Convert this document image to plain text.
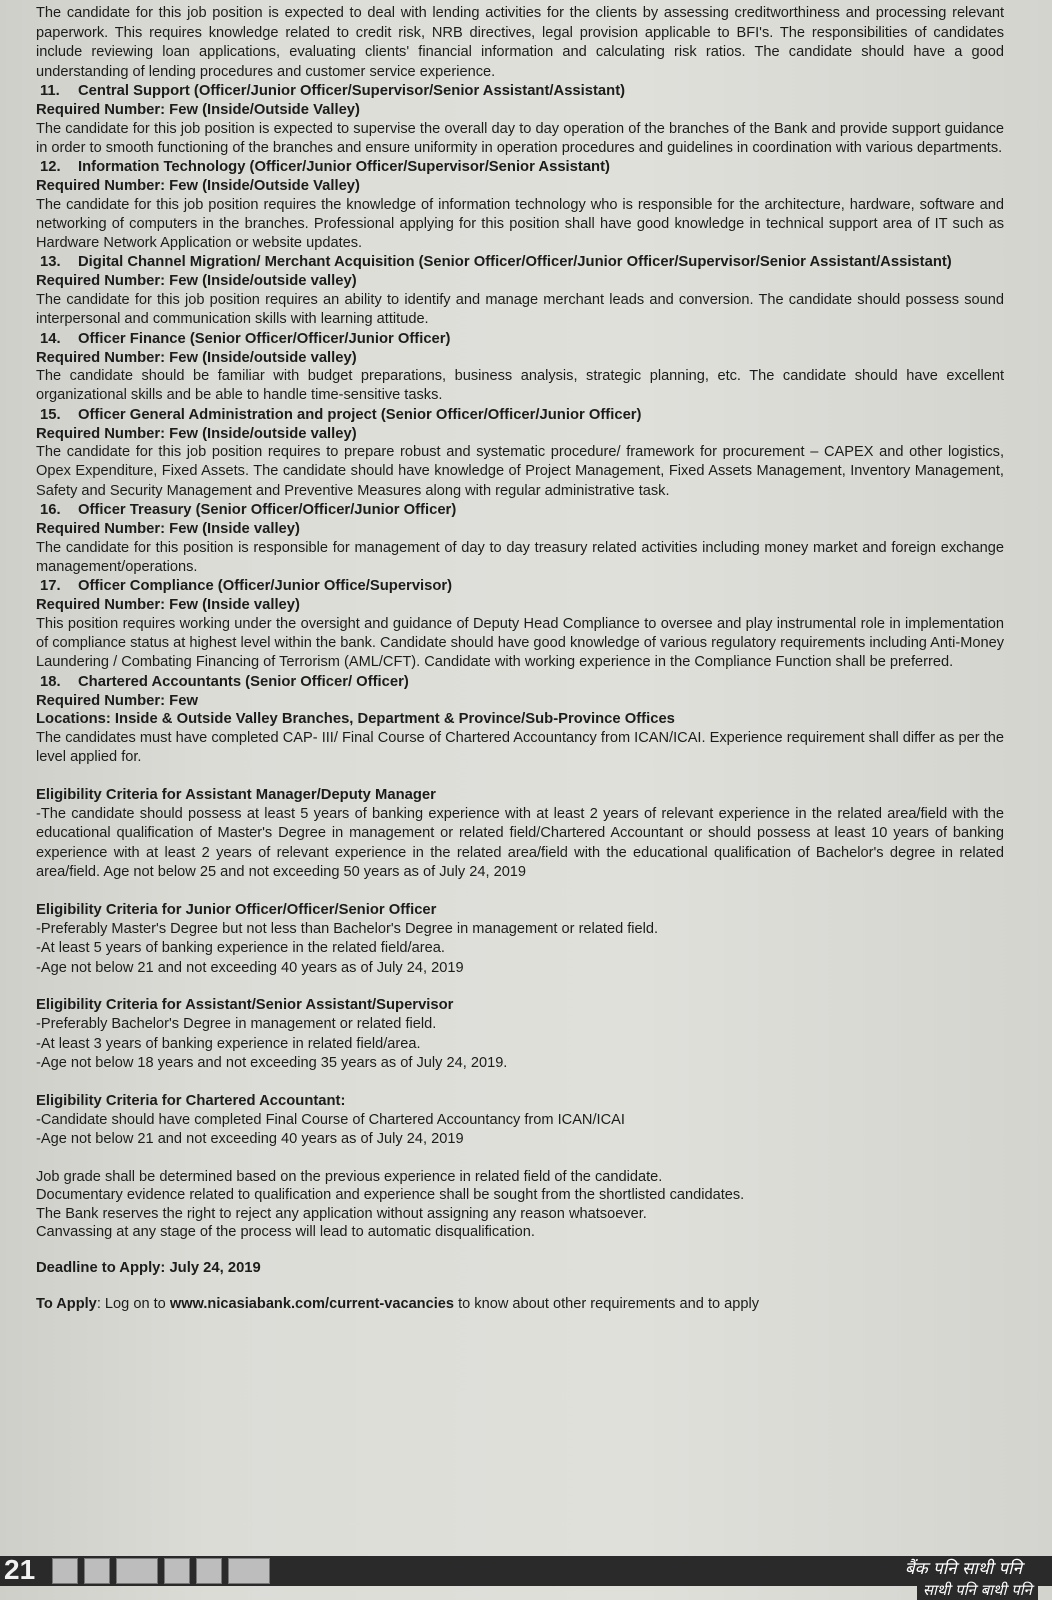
The candidate for this job position is expected to deal with lending activities for the clients by assessing creditworthiness and processing relevant paperwork. This requires knowledge related to credit risk, NRB directives, legal provision applicable to BFI's. The responsibilities of candidates include reviewing loan applications, evaluating clients' financial information and calculating risk ratios. The candidate should have a good understanding of lending procedures and customer service experience.

11. Central Support (Officer/Junior Officer/Supervisor/Senior Assistant/Assistant)
Required Number: Few (Inside/Outside Valley)

The candidate for this job position is expected to supervise the overall day to day operation of the branches of the Bank and provide support guidance in order to smooth functioning of the branches and ensure uniformity in operation procedures and guidelines in coordination with various departments.

12. Information Technology (Officer/Junior Officer/Supervisor/Senior Assistant)
Required Number: Few (Inside/Outside Valley)

The candidate for this job position requires the knowledge of information technology who is responsible for the architecture, hardware, software and networking of computers in the branches. Professional applying for this position shall have good knowledge in technical support area of IT such as Hardware Network Application or website updates.

13. Digital Channel Migration/ Merchant Acquisition (Senior Officer/Officer/Junior Officer/Supervisor/Senior Assistant/Assistant)
Required Number: Few (Inside/outside valley)

The candidate for this job position requires an ability to identify and manage merchant leads and conversion. The candidate should possess sound interpersonal and communication skills with learning attitude.

14. Officer Finance (Senior Officer/Officer/Junior Officer)
Required Number: Few (Inside/outside valley)

The candidate should be familiar with budget preparations, business analysis, strategic planning, etc. The candidate should have excellent organizational skills and be able to handle time-sensitive tasks.

15. Officer General Administration and project (Senior Officer/Officer/Junior Officer)
Required Number: Few (Inside/outside valley)

The candidate for this job position requires to prepare robust and systematic procedure/ framework for procurement – CAPEX and other logistics, Opex Expenditure, Fixed Assets. The candidate should have knowledge of Project Management, Fixed Assets Management, Inventory Management, Safety and Security Management and Preventive Measures along with regular administrative task.

16. Officer Treasury (Senior Officer/Officer/Junior Officer)
Required Number: Few (Inside valley)

The candidate for this position is responsible for management of day to day treasury related activities including money market and foreign exchange management/operations.

17. Officer Compliance (Officer/Junior Office/Supervisor)
Required Number: Few (Inside valley)

This position requires working under the oversight and guidance of Deputy Head Compliance to oversee and play instrumental role in implementation of compliance status at highest level within the bank. Candidate should have good knowledge of various regulatory requirements including Anti-Money Laundering / Combating Financing of Terrorism (AML/CFT). Candidate with working experience in the Compliance Function shall be preferred.

18. Chartered Accountants (Senior Officer/ Officer)
Required Number: Few
Locations: Inside & Outside Valley Branches, Department & Province/Sub-Province Offices

The candidates must have completed CAP- III/ Final Course of Chartered Accountancy from ICAN/ICAI. Experience requirement shall differ as per the level applied for.

Eligibility Criteria for Assistant Manager/Deputy Manager
-The candidate should possess at least 5 years of banking experience with at least 2 years of relevant experience in the related area/field with the educational qualification of Master's Degree in management or related field/Chartered Accountant or should possess at least 10 years of banking experience with at least 2 years of relevant experience in the related area/field with the educational qualification of Bachelor's degree in related area/field. Age not below 25 and not exceeding 50 years as of July 24, 2019
Eligibility Criteria for Junior Officer/Officer/Senior Officer
-Preferably Master's Degree but not less than Bachelor's Degree in management or related field.
-At least 5 years of banking experience in the related field/area.
-Age not below 21 and not exceeding 40 years as of July 24, 2019
Eligibility Criteria for Assistant/Senior Assistant/Supervisor
-Preferably Bachelor's Degree in management or related field.
-At least 3 years of banking experience in related field/area.
-Age not below 18 years and not exceeding 35 years as of July 24, 2019.
Eligibility Criteria for Chartered Accountant:
-Candidate should have completed Final Course of Chartered Accountancy from ICAN/ICAI
-Age not below 21 and not exceeding 40 years as of July 24, 2019
Job grade shall be determined based on the previous experience in related field of the candidate.
Documentary evidence related to qualification and experience shall be sought from the shortlisted candidates.
The Bank reserves the right to reject any application without assigning any reason whatsoever.
Canvassing at any stage of the process will lead to automatic disqualification.
Deadline to Apply: July 24, 2019
To Apply: Log on to www.nicasiabank.com/current-vacancies to know about other requirements and to apply
21	बैंक पनि साथी पनि
साथी पनि बाथी पनि
